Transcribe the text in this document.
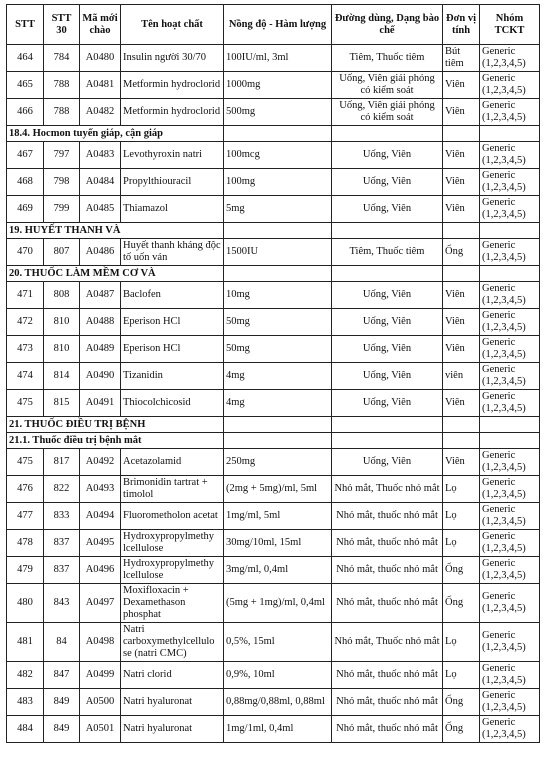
STT	STT 30	Mã mới chào	Tên hoạt chất	Nồng độ - Hàm lượng	Đường dùng, Dạng bào chế	Đơn vị tính	Nhóm TCKT
464	784	A0480	Insulin người 30/70	100IU/ml, 3ml	Tiêm, Thuốc tiêm	Bút tiêm	Generic (1,2,3,4,5)
465	788	A0481	Metformin hydroclorid	1000mg	Uống, Viên giải phóng có kiểm soát	Viên	Generic (1,2,3,4,5)
466	788	A0482	Metformin hydroclorid	500mg	Uống, Viên giải phóng có kiểm soát	Viên	Generic (1,2,3,4,5)
18.4. Hocmon tuyến giáp, cận giáp							
467	797	A0483	Levothyroxin natri	100mcg	Uống, Viên	Viên	Generic (1,2,3,4,5)
468	798	A0484	Propylthiouracil	100mg	Uống, Viên	Viên	Generic (1,2,3,4,5)
469	799	A0485	Thiamazol	5mg	Uống, Viên	Viên	Generic (1,2,3,4,5)
19. HUYẾT THANH VÀ							
470	807	A0486	Huyết thanh kháng độc tố uốn ván	1500IU	Tiêm, Thuốc tiêm	Ống	Generic (1,2,3,4,5)
20. THUỐC LÀM MỀM CƠ VÀ							
471	808	A0487	Baclofen	10mg	Uống, Viên	Viên	Generic (1,2,3,4,5)
472	810	A0488	Eperison HCl	50mg	Uống, Viên	Viên	Generic (1,2,3,4,5)
473	810	A0489	Eperison HCl	50mg	Uống, Viên	Viên	Generic (1,2,3,4,5)
474	814	A0490	Tizanidin	4mg	Uống, Viên	viên	Generic (1,2,3,4,5)
475	815	A0491	Thiocolchicosid	4mg	Uống, Viên	Viên	Generic (1,2,3,4,5)
21. THUỐC ĐIỀU TRỊ BỆNH							
21.1. Thuốc điều trị bệnh mắt							
475	817	A0492	Acetazolamid	250mg	Uống, Viên	Viên	Generic (1,2,3,4,5)
476	822	A0493	Brimonidin tartrat + timolol	(2mg + 5mg)/ml, 5ml	Nhỏ mắt, Thuốc nhỏ mắt	Lọ	Generic (1,2,3,4,5)
477	833	A0494	Fluorometholon acetat	1mg/ml, 5ml	Nhỏ mắt, thuốc nhỏ mắt	Lọ	Generic (1,2,3,4,5)
478	837	A0495	Hydroxypropylmethy lcellulose	30mg/10ml, 15ml	Nhỏ mắt, thuốc nhỏ mắt	Lọ	Generic (1,2,3,4,5)
479	837	A0496	Hydroxypropylmethy lcellulose	3mg/ml, 0,4ml	Nhỏ mắt, thuốc nhỏ mắt	Ống	Generic (1,2,3,4,5)
480	843	A0497	Moxifloxacin + Dexamethason phosphat	(5mg + 1mg)/ml, 0,4ml	Nhỏ mắt, thuốc nhỏ mắt	Ống	Generic (1,2,3,4,5)
481	84	A0498	Natri carboxymethylcellulo se (natri CMC)	0,5%, 15ml	Nhỏ mắt, Thuốc nhỏ mắt	Lọ	Generic (1,2,3,4,5)
482	847	A0499	Natri clorid	0,9%, 10ml	Nhỏ mắt, thuốc nhỏ mắt	Lọ	Generic (1,2,3,4,5)
483	849	A0500	Natri hyaluronat	0,88mg/0,88ml, 0,88ml	Nhỏ mắt, thuốc nhỏ mắt	Ống	Generic (1,2,3,4,5)
484	849	A0501	Natri hyaluronat	1mg/1ml, 0,4ml	Nhỏ mắt, thuốc nhỏ mắt	Ống	Generic (1,2,3,4,5)
